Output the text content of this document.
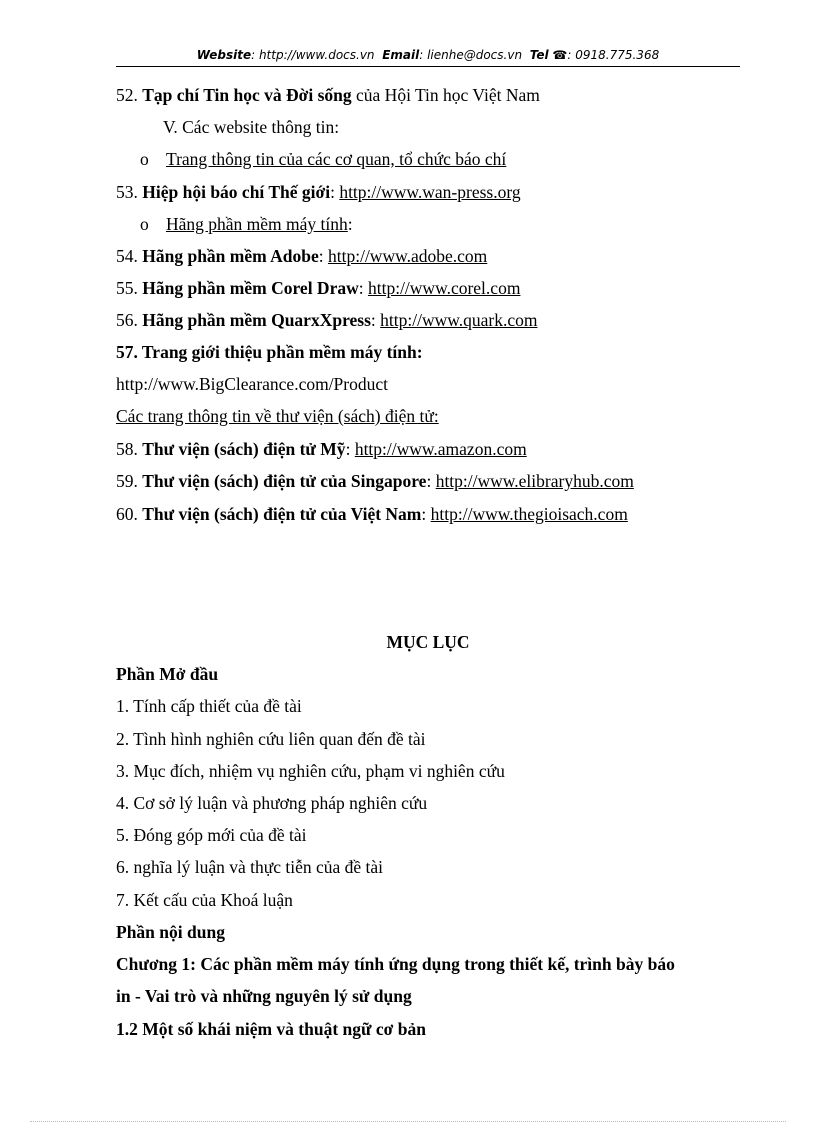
Website: http://www.docs.vn Email: lienhe@docs.vn Tel ☎: 0918.775.368
52. Tạp chí Tin học và Đời sống của Hội Tin học Việt Nam
V. Các website thông tin:
o Trang thông tin của các cơ quan, tổ chức báo chí
53. Hiệp hội báo chí Thế giới: http://www.wan-press.org
o Hãng phần mềm máy tính:
54. Hãng phần mềm Adobe: http://www.adobe.com
55. Hãng phần mềm Corel Draw: http://www.corel.com
56. Hãng phần mềm QuarxXpress: http://www.quark.com
57. Trang giới thiệu phần mềm máy tính:
http://www.BigClearance.com/Product
Các trang thông tin về thư viện (sách) điện tử:
58. Thư viện (sách) điện tử Mỹ: http://www.amazon.com
59. Thư viện (sách) điện tử của Singapore: http://www.elibraryhub.com
60. Thư viện (sách) điện tử của Việt Nam: http://www.thegioisach.com
MỤC LỤC
Phần Mở đầu
1. Tính cấp thiết của đề tài
2. Tình hình nghiên cứu liên quan đến đề tài
3. Mục đích, nhiệm vụ nghiên cứu, phạm vi nghiên cứu
4. Cơ sở lý luận và phương pháp nghiên cứu
5. Đóng góp mới của đề tài
6. nghĩa lý luận và thực tiễn của đề tài
7. Kết cấu của Khoá luận
Phần nội dung
Chương 1: Các phần mềm máy tính ứng dụng trong thiết kế, trình bày báo
in - Vai trò và những nguyên lý sử dụng
1.2 Một số khái niệm và thuật ngữ cơ bản
